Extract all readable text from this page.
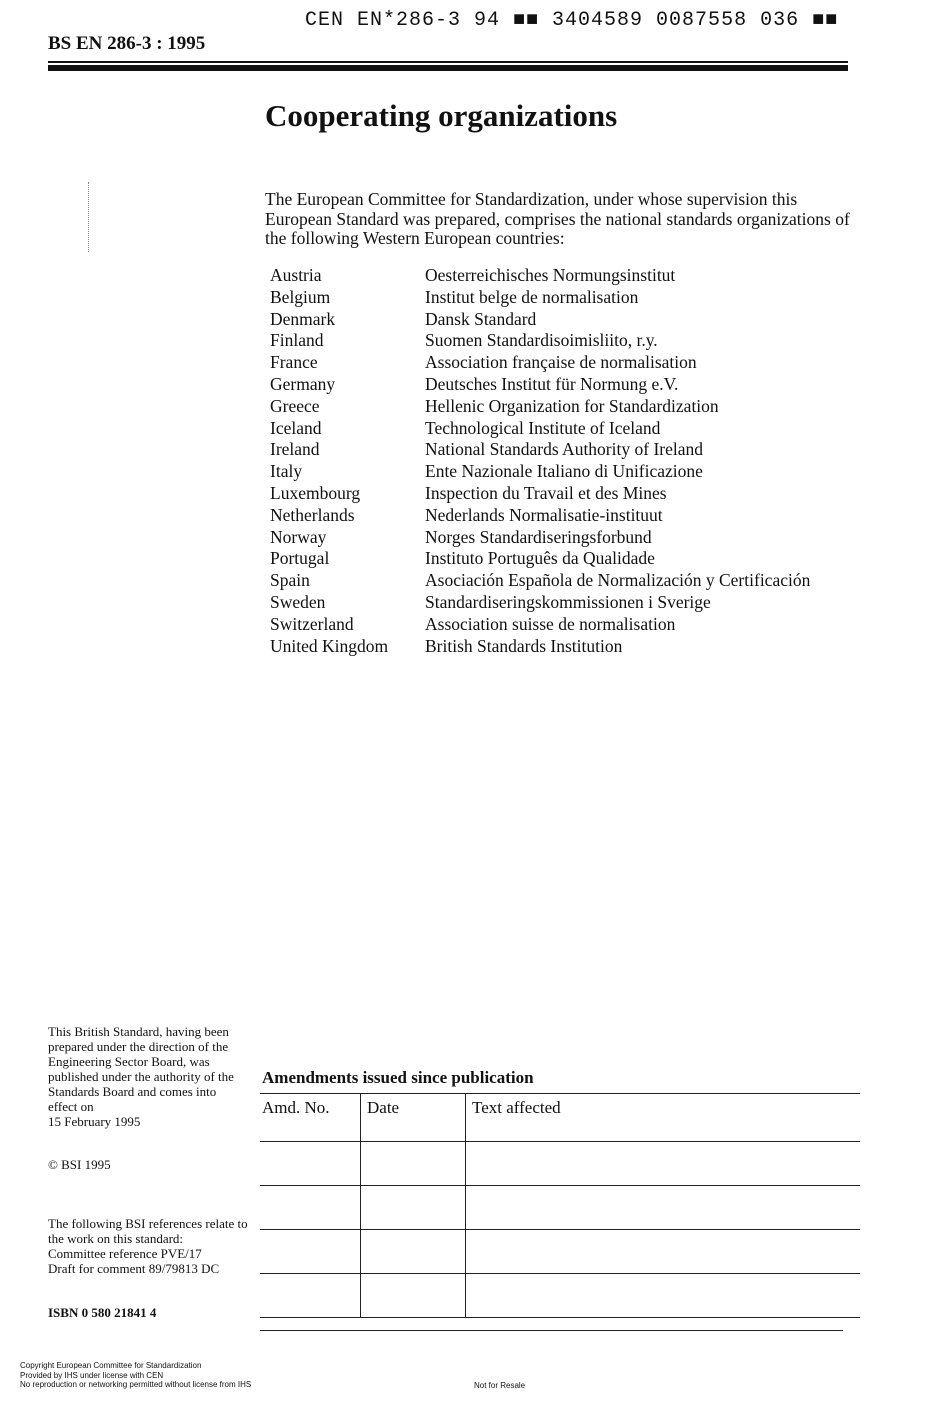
BS EN 286-3 : 1995
CEN EN*286-3 94 ■■ 3404589 0087558 036 ■■
Cooperating organizations
The European Committee for Standardization, under whose supervision this European Standard was prepared, comprises the national standards organizations of the following Western European countries:
Austria	Oesterreichisches Normungsinstitut
Belgium	Institut belge de normalisation
Denmark	Dansk Standard
Finland	Suomen Standardisoimisliito, r.y.
France	Association française de normalisation
Germany	Deutsches Institut für Normung e.V.
Greece	Hellenic Organization for Standardization
Iceland	Technological Institute of Iceland
Ireland	National Standards Authority of Ireland
Italy	Ente Nazionale Italiano di Unificazione
Luxembourg	Inspection du Travail et des Mines
Netherlands	Nederlands Normalisatie-instituut
Norway	Norges Standardiseringsforbund
Portugal	Instituto Português da Qualidade
Spain	Asociación Española de Normalización y Certificación
Sweden	Standardiseringskommissionen i Sverige
Switzerland	Association suisse de normalisation
United Kingdom	British Standards Institution

This British Standard, having been prepared under the direction of the Engineering Sector Board, was published under the authority of the Standards Board and comes into effect on

15 February 1995

© BSI 1995
The following BSI references relate to the work on this standard:
Committee reference PVE/17
Draft for comment 89/79813 DC
ISBN 0 580 21841 4
Amendments issued since publication
Amd. No.	Date	Text affected

Copyright European Committee for Standardization

Provided by IHS under license with CEN

No reproduction or networking permitted without license from IHS	Not for Resale
